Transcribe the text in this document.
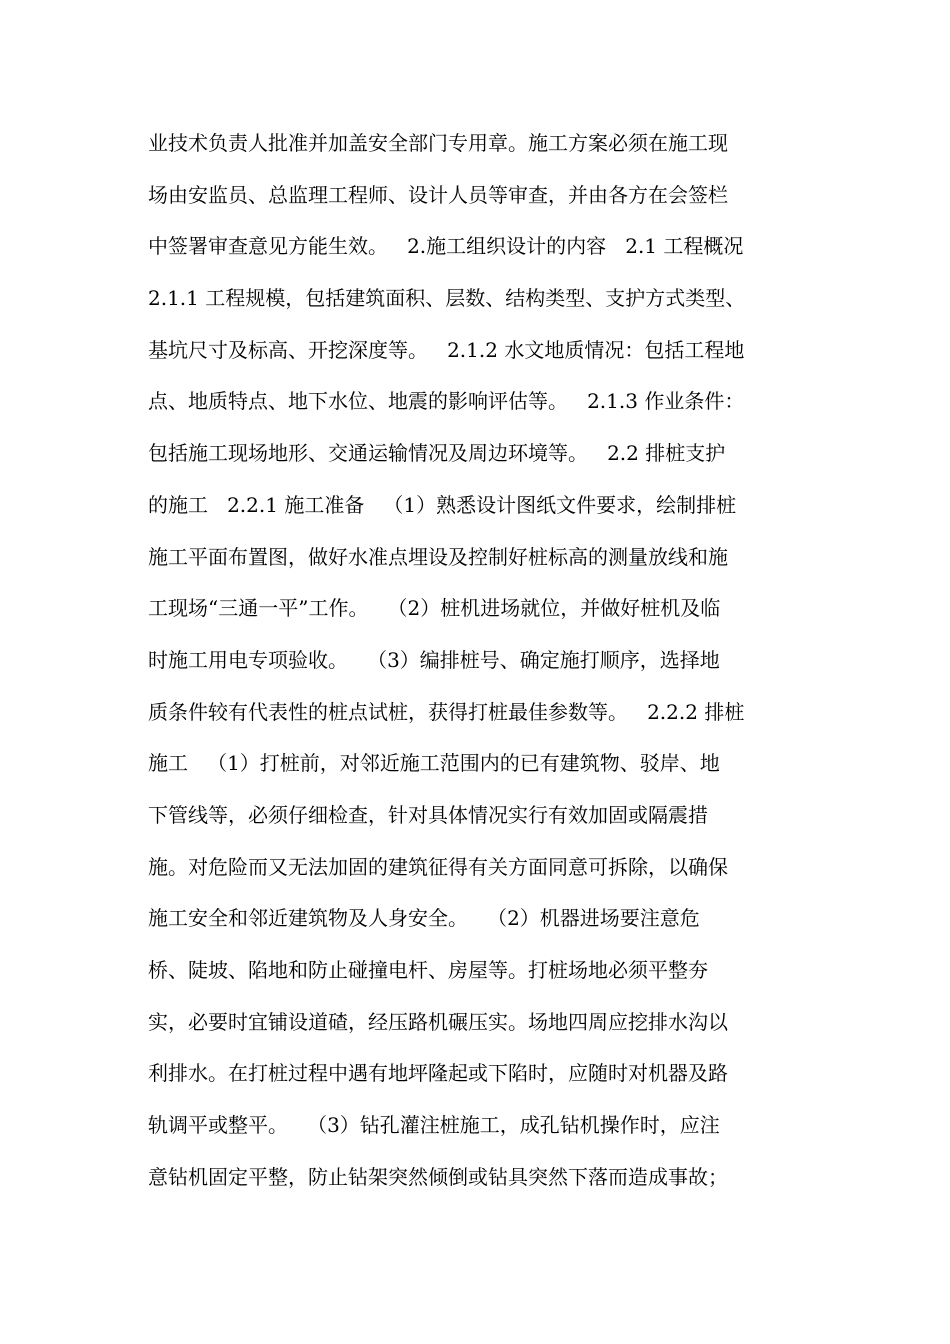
业技术负责人批准并加盖安全部门专用章。施工方案必须在施工现
场由安监员、总监理工程师、设计人员等审查，并由各方在会签栏
中签署审查意见方能生效。   2.施工组织设计的内容   2.1 工程概况
2.1.1 工程规模，包括建筑面积、层数、结构类型、支护方式类型、
基坑尺寸及标高、开挖深度等。   2.1.2 水文地质情况：包括工程地
点、地质特点、地下水位、地震的影响评估等。   2.1.3 作业条件：
包括施工现场地形、交通运输情况及周边环境等。   2.2 排桩支护
的施工   2.2.1 施工准备   （1）熟悉设计图纸文件要求，绘制排桩
施工平面布置图，做好水准点埋设及控制好桩标高的测量放线和施
工现场“三通一平”工作。   （2）桩机进场就位，并做好桩机及临
时施工用电专项验收。   （3）编排桩号、确定施打顺序，选择地
质条件较有代表性的桩点试桩，获得打桩最佳参数等。   2.2.2 排桩
施工   （1）打桩前，对邻近施工范围内的已有建筑物、驳岸、地
下管线等，必须仔细检查，针对具体情况实行有效加固或隔震措
施。对危险而又无法加固的建筑征得有关方面同意可拆除，以确保
施工安全和邻近建筑物及人身安全。   （2）机器进场要注意危
桥、陡坡、陷地和防止碰撞电杆、房屋等。打桩场地必须平整夯
实，必要时宜铺设道碴，经压路机碾压实。场地四周应挖排水沟以
利排水。在打桩过程中遇有地坪隆起或下陷时，应随时对机器及路
轨调平或整平。   （3）钻孔灌注桩施工，成孔钻机操作时，应注
意钻机固定平整，防止钻架突然倾倒或钻具突然下落而造成事故；
